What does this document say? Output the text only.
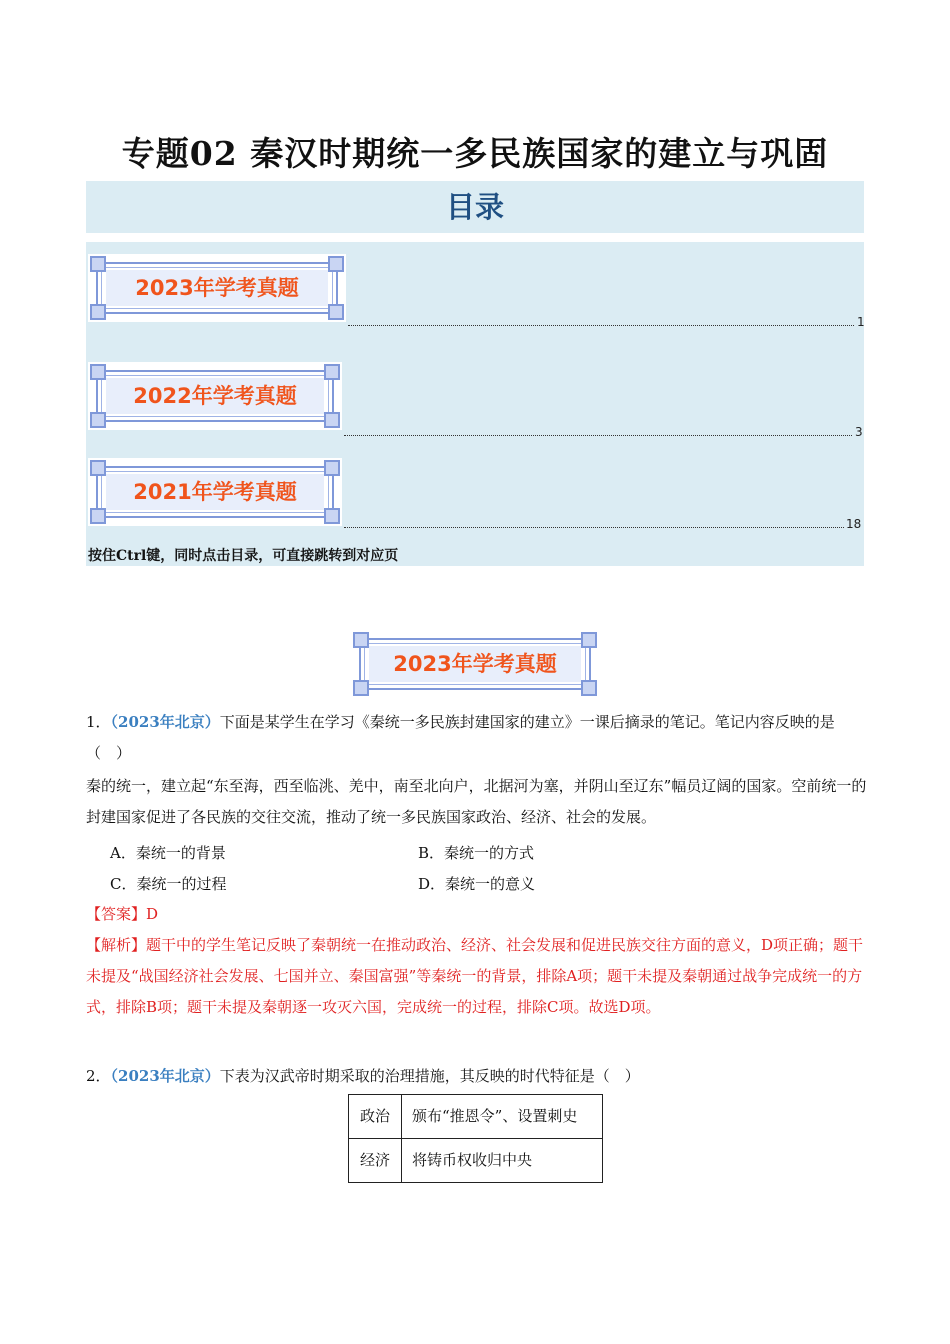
专题02 秦汉时期统一多民族国家的建立与巩固
目录
2023年学考真题
1
2022年学考真题
3
2021年学考真题
18
按住Ctrl键，同时点击目录，可直接跳转到对应页
2023年学考真题
1．（2023年北京）下面是某学生在学习《秦统一多民族封建国家的建立》一课后摘录的笔记。笔记内容反映的是（　）
秦的统一，建立起“东至海，西至临洮、羌中，南至北向户，北据河为塞，并阴山至辽东”幅员辽阔的国家。空前统一的封建国家促进了各民族的交往交流，推动了统一多民族国家政治、经济、社会的发展。
A．秦统一的背景	B．秦统一的方式
C．秦统一的过程	D．秦统一的意义
【答案】D
【解析】题干中的学生笔记反映了秦朝统一在推动政治、经济、社会发展和促进民族交往方面的意义，D项正确；题干未提及“战国经济社会发展、七国并立、秦国富强”等秦统一的背景，排除A项；题干未提及秦朝通过战争完成统一的方式，排除B项；题干未提及秦朝逐一攻灭六国，完成统一的过程，排除C项。故选D项。
2．（2023年北京）下表为汉武帝时期采取的治理措施，其反映的时代特征是（　）
政治	颁布“推恩令”、设置刺史
经济	将铸币权收归中央
